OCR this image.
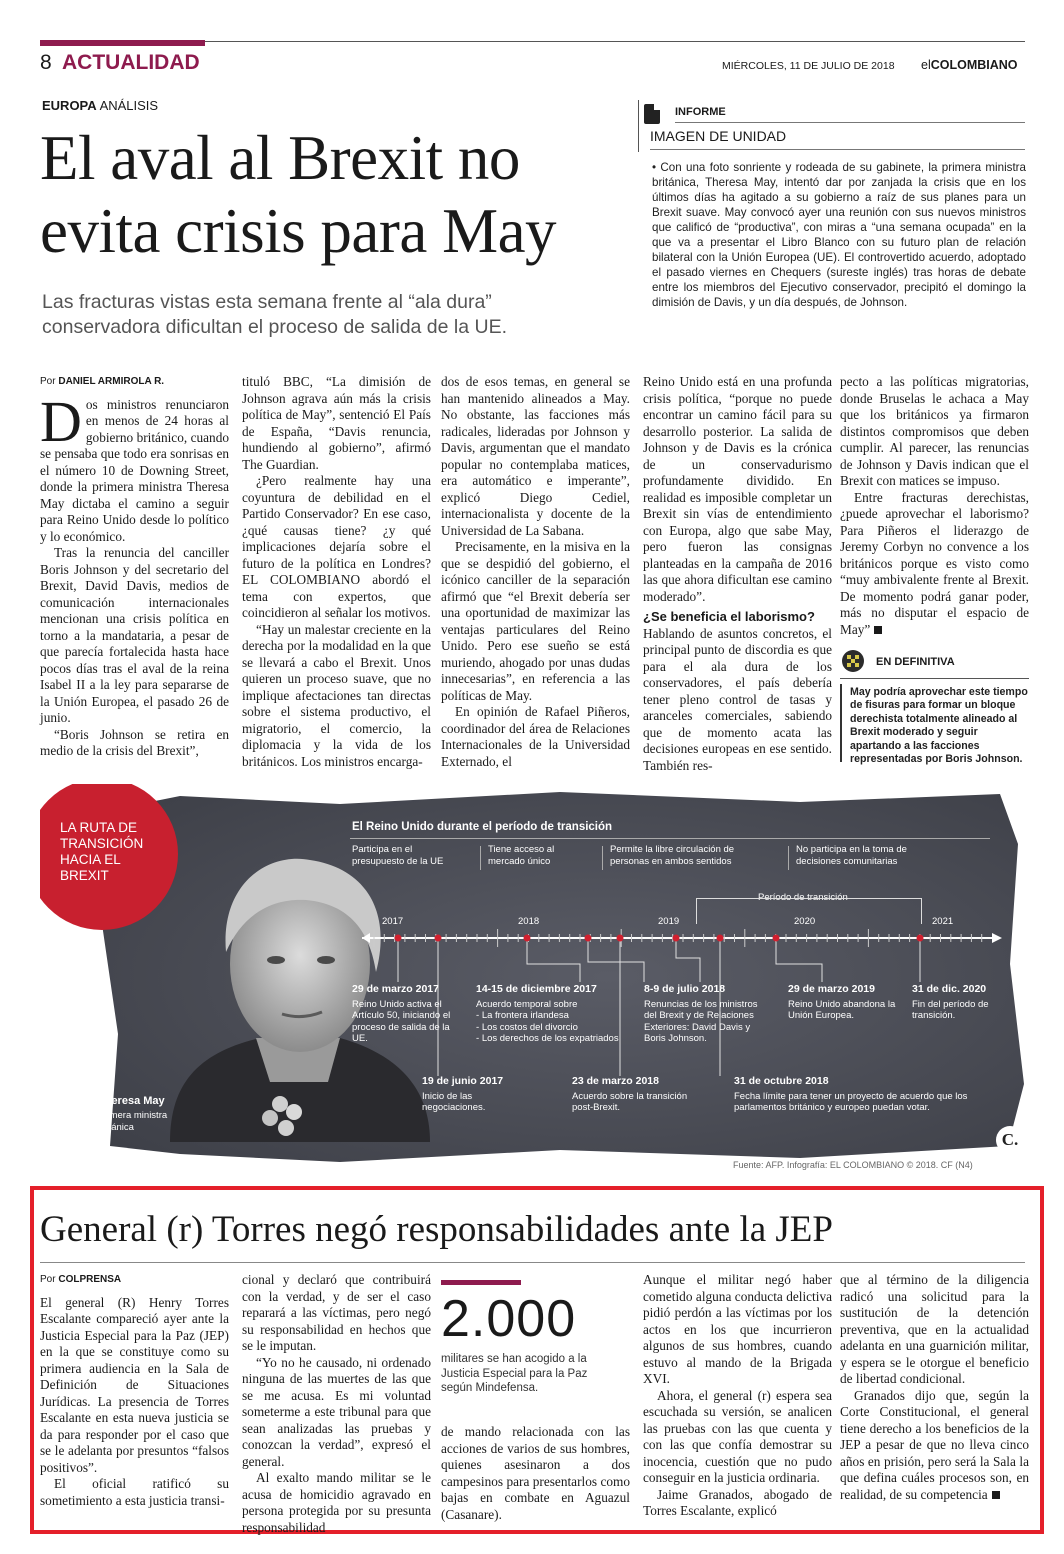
8 ACTUALIDAD	MIÉRCOLES, 11 DE JULIO DE 2018 elCOLOMBIANO
EUROPA ANÁLISIS
El aval al Brexit no
evita crisis para May
Las fracturas vistas esta semana frente al “ala dura” conservadora dificultan el proceso de salida de la UE.
INFORME
IMAGEN DE UNIDAD
• Con una foto sonriente y rodeada de su gabinete, la primera ministra británica, Theresa May, intentó dar por zanjada la crisis que en los últimos días ha agitado a su gobierno a raíz de sus planes para un Brexit suave. May convocó ayer una reunión con sus nuevos ministros que calificó de “productiva”, con miras a “una semana ocupada” en la que va a presentar el Libro Blanco con su futuro plan de relación bilateral con la Unión Europea (UE). El controvertido acuerdo, adoptado el pasado viernes en Chequers (sureste inglés) tras horas de debate entre los miembros del Ejecutivo conservador, precipitó el domingo la dimisión de Davis, y un día después, de Johnson.
Por DANIEL ARMIROLA R.

Dos ministros renunciaron en menos de 24 horas al gobierno británico, cuando se pensaba que todo era sonrisas en el número 10 de Downing Street, donde la primera ministra Theresa May dictaba el camino a seguir para Reino Unido desde lo político y lo económico.

Tras la renuncia del canciller Boris Johnson y del secretario del Brexit, David Davis, medios de comunicación internacionales mencionan una crisis política en torno a la mandataria, a pesar de que parecía fortalecida hasta hace pocos días tras el aval de la reina Isabel II a la ley para separarse de la Unión Europea, el pasado 26 de junio.

“Boris Johnson se retira en medio de la crisis del Brexit”,

tituló BBC, “La dimisión de Johnson agrava aún más la crisis política de May”, sentenció El País de España, “Davis renuncia, hundiendo al gobierno”, afirmó The Guardian.

¿Pero realmente hay una coyuntura de debilidad en el Partido Conservador? En ese caso, ¿qué causas tiene? ¿y qué implicaciones dejaría sobre el futuro de la política en Londres? EL COLOMBIANO abordó el tema con expertos, que coincidieron al señalar los motivos.

“Hay un malestar creciente en la derecha por la modalidad en la que se llevará a cabo el Brexit. Unos quieren un proceso suave, que no implique afectaciones tan directas sobre el sistema productivo, el migratorio, el comercio, la diplomacia y la vida de los británicos. Los ministros encarga-

dos de esos temas, en general se han mantenido alineados a May. No obstante, las facciones más radicales, lideradas por Johnson y Davis, argumentan que el mandato popular no contemplaba matices, era automático e imperante”, explicó Diego Cediel, internacionalista y docente de la Universidad de La Sabana.

Precisamente, en la misiva en la que se despidió del gobierno, el icónico canciller de la separación afirmó que “el Brexit debería ser una oportunidad de maximizar las ventajas particulares del Reino Unido. Pero ese sueño se está muriendo, ahogado por unas dudas innecesarias”, en referencia a las políticas de May.

En opinión de Rafael Piñeros, coordinador del área de Relaciones Internacionales de la Universidad Externado, el

Reino Unido está en una profunda crisis política, “porque no puede encontrar un camino fácil para su desarrollo posterior. La salida de Johnson y de Davis es la crónica de un conservadurismo profundamente dividido. En realidad es imposible completar un Brexit sin vías de entendimiento con Europa, algo que sabe May, pero fueron las consignas planteadas en la campaña de 2016 las que ahora dificultan ese camino moderado”.

¿Se beneficia el laborismo?

Hablando de asuntos concretos, el principal punto de discordia es que para el ala dura de los conservadores, el país debería tener pleno control de tasas y aranceles comerciales, sabiendo que de momento acata las decisiones europeas en ese sentido. También res-

pecto a las políticas migratorias, donde Bruselas le achaca a May que los británicos ya firmaron distintos compromisos que deben cumplir. Al parecer, las renuncias de Johnson y Davis indican que el Brexit con matices se impuso.

Entre fracturas derechistas, ¿puede aprovechar el laborismo? Para Piñeros el liderazgo de Jeremy Corbyn no convence a los británicos porque es visto como “muy ambivalente frente al Brexit. De momento podrá ganar poder, más no disputar el espacio de May”

EN DEFINITIVA
May podría aprovechar este tiempo de fisuras para formar un bloque derechista totalmente alineado al Brexit moderado y seguir apartando a las facciones representadas por Boris Johnson.
LA RUTA DE TRANSICIÓN HACIA EL BREXIT
Theresa May
Primera ministra británica
El Reino Unido durante el período de transición
Participa en el presupuesto de la UE
Tiene acceso al mercado único
Permite la libre circulación de personas en ambos sentidos
No participa en la toma de decisiones comunitarias
Período de transición
2017	2018	2019	2020	2021
29 de marzo 2017
Reino Unido activa el Artículo 50, iniciando el proceso de salida de la UE.
14-15 de diciembre 2017
Acuerdo temporal sobre
- La frontera irlandesa
- Los costos del divorcio
- Los derechos de los expatriados
8-9 de julio 2018
Renuncias de los ministros del Brexit y de Relaciones Exteriores: David Davis y Boris Johnson.
29 de marzo 2019
Reino Unido abandona la Unión Europea.
31 de dic. 2020
Fin del período de transición.
19 de junio 2017
Inicio de las negociaciones.
23 de marzo 2018
Acuerdo sobre la transición post-Brexit.
31 de octubre 2018
Fecha límite para tener un proyecto de acuerdo que los parlamentos británico y europeo puedan votar.
C.
Fuente: AFP. Infografía: EL COLOMBIANO © 2018. CF (N4)
General (r) Torres negó responsabilidades ante la JEP
Por COLPRENSA

El general (R) Henry Torres Escalante compareció ayer ante la Justicia Especial para la Paz (JEP) en la que se constituye como su primera audiencia en la Sala de Definición de Situaciones Jurídicas. La presencia de Torres Escalante en esta nueva justicia se da para responder por el caso que se le adelanta por presuntos “falsos positivos”.

El oficial ratificó su sometimiento a esta justicia transi-

cional y declaró que contribuirá con la verdad, y de ser el caso reparará a las víctimas, pero negó su responsabilidad en hechos que se le imputan.

“Yo no he causado, ni ordenado ninguna de las muertes de las que se me acusa. Es mi voluntad someterme a este tribunal para que sean analizadas las pruebas y conozcan la verdad”, expresó el general.

Al exalto mando militar se le acusa de homicidio agravado en persona protegida por su presunta responsabilidad

2.000
militares se han acogido a la Justicia Especial para la Paz según Mindefensa.

de mando relacionada con las acciones de varios de sus hombres, quienes asesinaron a dos campesinos para presentarlos como bajas en combate en Aguazul (Casanare).

Aunque el militar negó haber cometido alguna conducta delictiva pidió perdón a las víctimas por los actos en los que incurrieron algunos de sus hombres, cuando estuvo al mando de la Brigada XVI.

Ahora, el general (r) espera sea escuchada su versión, se analicen las pruebas con las que cuenta y con las que confía demostrar su inocencia, cuestión que no pudo conseguir en la justicia ordinaria.

Jaime Granados, abogado de Torres Escalante, explicó

que al término de la diligencia radicó una solicitud para la sustitución de la detención preventiva, que en la actualidad adelanta en una guarnición militar, y espera se le otorgue el beneficio de libertad condicional.

Granados dijo que, según la Corte Constitucional, el general tiene derecho a los beneficios de la JEP a pesar de que no lleva cinco años en prisión, pero será la Sala la que defina cuáles procesos son, en realidad, de su competencia
